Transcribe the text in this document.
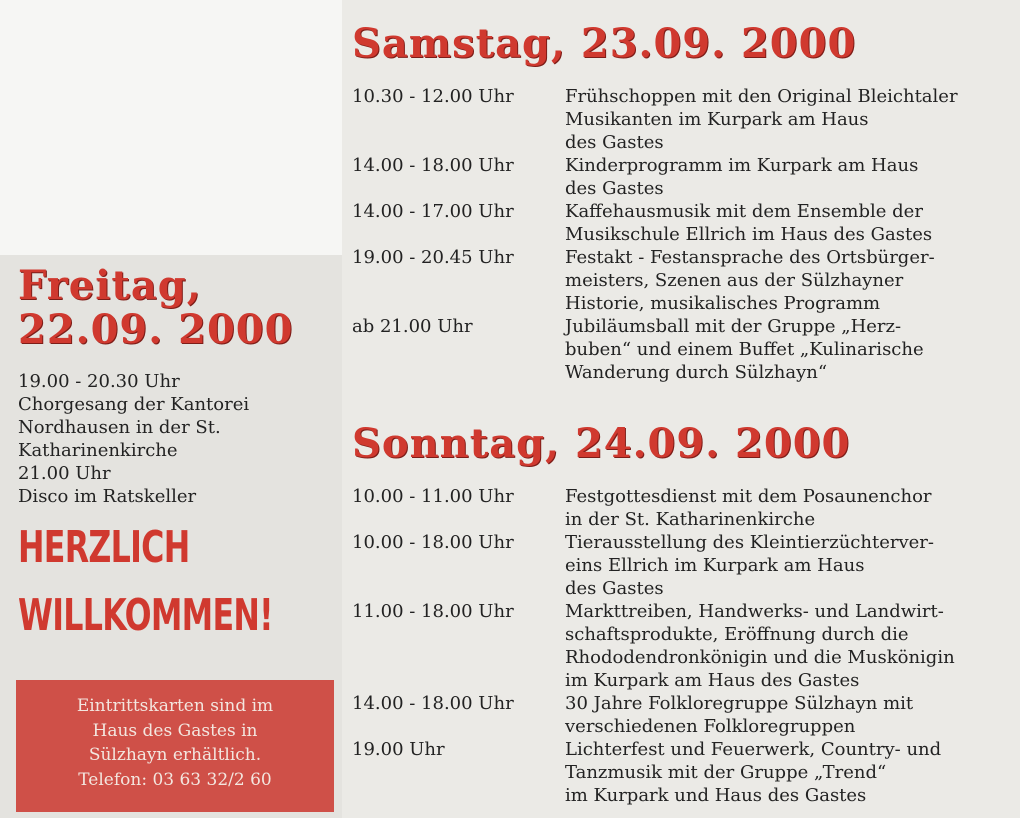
Samstag, 23.09. 2000
10.30 - 12.00 Uhr	Frühschoppen mit den Original Bleichtaler
Musikanten im Kurpark am Haus
des Gastes
14.00 - 18.00 Uhr	Kinderprogramm im Kurpark am Haus
des Gastes
14.00 - 17.00 Uhr	Kaffehausmusik mit dem Ensemble der
Musikschule Ellrich im Haus des Gastes
19.00 - 20.45 Uhr	Festakt - Festansprache des Ortsbürger-
meisters, Szenen aus der Sülzhayner
Historie, musikalisches Programm
ab 21.00 Uhr	Jubiläumsball mit der Gruppe „Herz-
buben“ und einem Buffet „Kulinarische
Wanderung durch Sülzhayn“
Sonntag, 24.09. 2000
10.00 - 11.00 Uhr	Festgottesdienst mit dem Posaunenchor
in der St. Katharinenkirche
10.00 - 18.00 Uhr	Tierausstellung des Kleintierzüchterver-
eins Ellrich im Kurpark am Haus
des Gastes
11.00 - 18.00 Uhr	Markttreiben, Handwerks- und Landwirt-
schaftsprodukte, Eröffnung durch die
Rhododendronkönigin und die Muskönigin
im Kurpark am Haus des Gastes
14.00 - 18.00 Uhr	30 Jahre Folkloregruppe Sülzhayn mit
verschiedenen Folkloregruppen
19.00 Uhr	Lichterfest und Feuerwerk, Country- und
Tanzmusik mit der Gruppe „Trend“
im Kurpark und Haus des Gastes
Freitag,
22.09. 2000
19.00 - 20.30 Uhr
Chorgesang der Kantorei
Nordhausen in der St.
Katharinenkirche
21.00 Uhr
Disco im Ratskeller
HERZLICH
WILLKOMMEN!
Eintrittskarten sind im
Haus des Gastes in
Sülzhayn erhältlich.
Telefon: 03 63 32/2 60
